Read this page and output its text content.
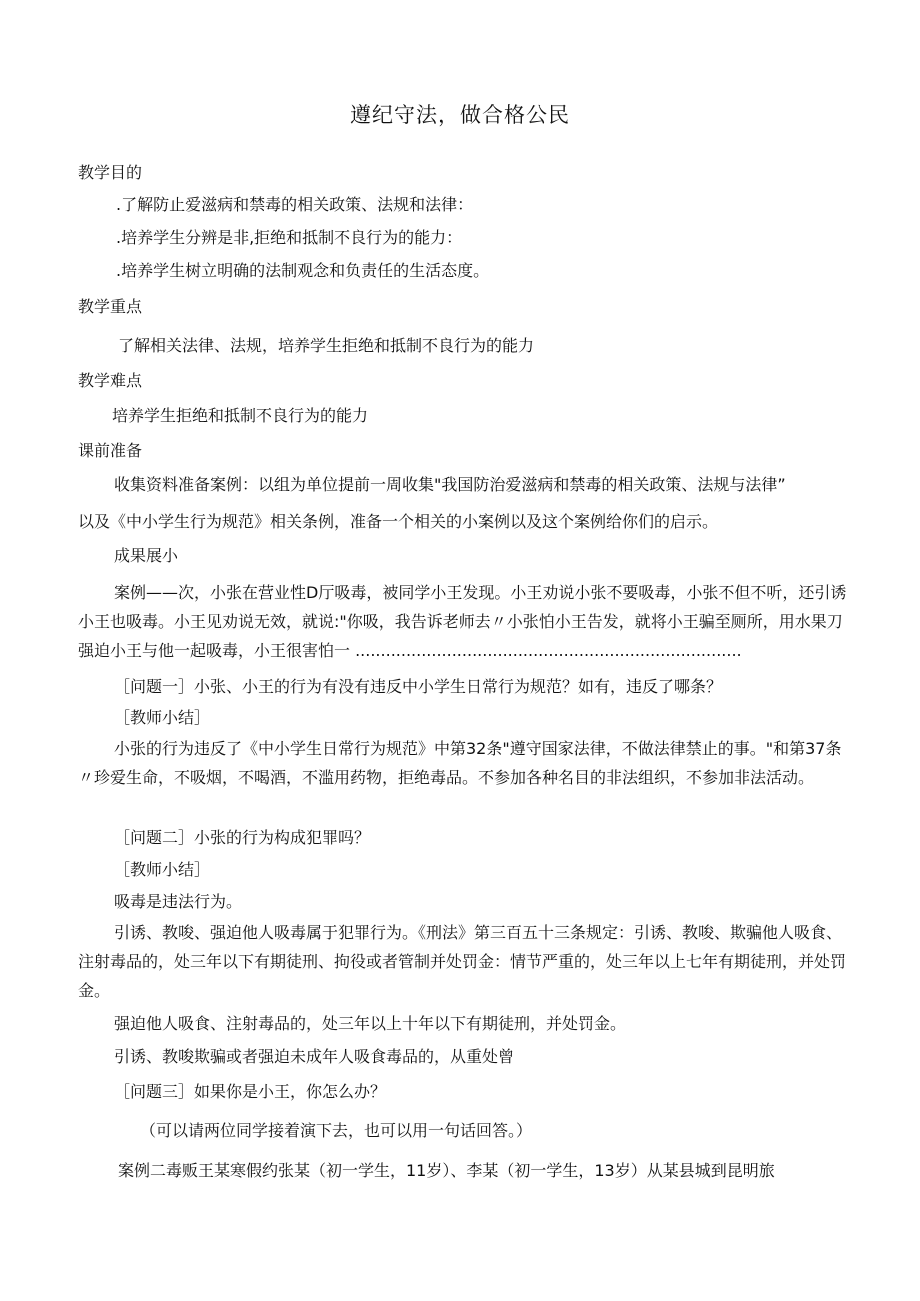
遵纪守法，做合格公民
教学目的
.了解防止爱滋病和禁毒的相关政策、法规和法律：
.培养学生分辨是非,拒绝和抵制不良行为的能力：
.培养学生树立明确的法制观念和负责任的生活态度。
教学重点
了解相关法律、法规，培养学生拒绝和抵制不良行为的能力
教学难点
培养学生拒绝和抵制不良行为的能力
课前准备
收集资料准备案例：以组为单位提前一周收集"我国防治爱滋病和禁毒的相关政策、法规与法律”
以及《中小学生行为规范》相关条例，准备一个相关的小案例以及这个案例给你们的启示。
成果展小
案例——次，小张在营业性D厅吸毒，被同学小王发现。小王劝说小张不要吸毒，小张不但不听，还引诱小王也吸毒。小王见劝说无效，就说:"你吸，我告诉老师去〃小张怕小王告发，就将小王骗至厕所，用水果刀强迫小王与他一起吸毒，小王很害怕一 ............................................................................
［问题一］小张、小王的行为有没有违反中小学生日常行为规范？如有，违反了哪条？
［教师小结］
小张的行为违反了《中小学生日常行为规范》中第32条"遵守国家法律，不做法律禁止的事。"和第37条〃珍爱生命，不吸烟，不喝酒，不滥用药物，拒绝毒品。不参加各种名目的非法组织，不参加非法活动。
［问题二］小张的行为构成犯罪吗？
［教师小结］
吸毒是违法行为。
引诱、教唆、强迫他人吸毒属于犯罪行为。《刑法》第三百五十三条规定：引诱、教唆、欺骗他人吸食、注射毒品的，处三年以下有期徒刑、拘役或者管制并处罚金：情节严重的，处三年以上七年有期徒刑，并处罚金。
强迫他人吸食、注射毒品的，处三年以上十年以下有期徒刑，并处罚金。
引诱、教唆欺骗或者强迫未成年人吸食毒品的，从重处曾
［问题三］如果你是小王，你怎么办？
（可以请两位同学接着演下去，也可以用一句话回答。）
案例二毒贩王某寒假约张某（初一学生，11岁）、李某（初一学生，13岁）从某县城到昆明旅
